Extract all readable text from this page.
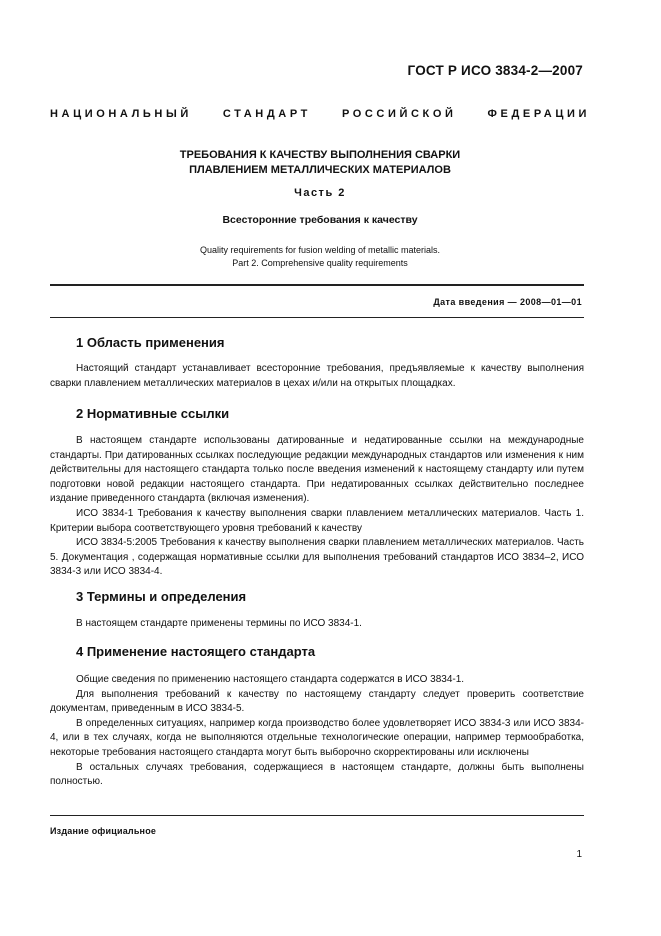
ГОСТ Р ИСО 3834-2—2007
НАЦИОНАЛЬНЫЙ	СТАНДАРТ	РОССИЙСКОЙ	ФЕДЕРАЦИИ
ТРЕБОВАНИЯ К КАЧЕСТВУ ВЫПОЛНЕНИЯ СВАРКИ
ПЛАВЛЕНИЕМ МЕТАЛЛИЧЕСКИХ МАТЕРИАЛОВ
Часть 2
Всесторонние требования к качеству
Quality requirements for fusion welding of metallic materials.
Part 2. Comprehensive quality requirements
Дата введения — 2008—01—01
1 Область применения

Настоящий стандарт устанавливает всесторонние требования, предъявляемые к качеству выполнения сварки плавлением металлических материалов в цехах и/или на открытых площадках.

2 Нормативные ссылки

В настоящем стандарте использованы датированные и недатированные ссылки на международные стандарты. При датированных ссылках последующие редакции международных стандартов или изменения к ним действительны для настоящего стандарта только после введения изменений к настоящему стандарту или путем подготовки новой редакции настоящего стандарта. При недатированных ссылках действительно последнее издание приведенного стандарта (включая изменения).

ИСО 3834-1 Требования к качеству выполнения сварки плавлением металлических материалов. Часть 1. Критерии выбора соответствующего уровня требований к качеству

ИСО 3834-5:2005 Требования к качеству выполнения сварки плавлением металлических материалов. Часть 5. Документация , содержащая нормативные ссылки для выполнения требований стандартов ИСО 3834–2, ИСО 3834-3 или ИСО 3834-4.

3 Термины и определения

В настоящем стандарте применены термины по ИСО 3834-1.

4 Применение настоящего стандарта

Общие сведения по применению настоящего стандарта содержатся в ИСО 3834-1.

Для выполнения требований к качеству по настоящему стандарту следует проверить соответствие документам, приведенным в ИСО 3834-5.

В определенных ситуациях, например когда производство более удовлетворяет ИСО 3834-3 или ИСО 3834-4, или в тех случаях, когда не выполняются отдельные технологические операции, например термообработка, некоторые требования настоящего стандарта могут быть выборочно скорректированы или исключены

В остальных случаях требования, содержащиеся в настоящем стандарте, должны быть выполнены полностью.

Издание официальное
1
